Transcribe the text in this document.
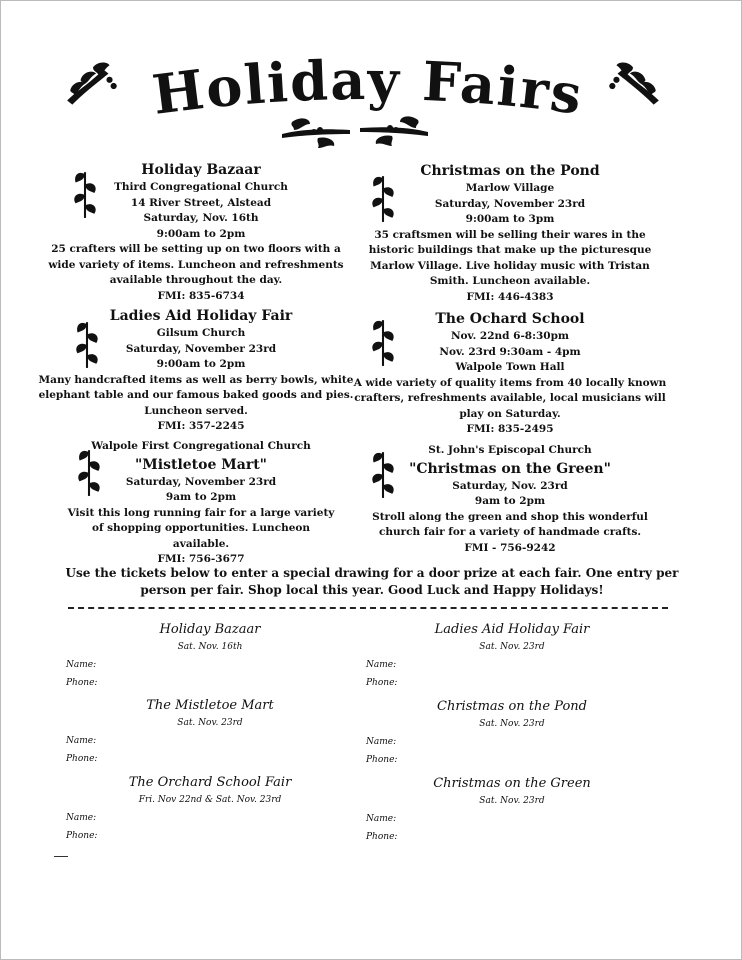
Holiday Fairs
Holiday Bazaar
Third Congregational Church
14 River Street, Alstead
Saturday, Nov. 16th
9:00am to 2pm
25 crafters will be setting up on two floors with a wide variety of items. Luncheon and refreshments available throughout the day.
FMI: 835-6734
Christmas on the Pond
Marlow Village
Saturday, November 23rd
9:00am to 3pm
35 craftsmen will be selling their wares in the historic buildings that make up the picturesque Marlow Village. Live holiday music with Tristan Smith. Luncheon available.
FMI: 446-4383
Ladies Aid Holiday Fair
Gilsum Church
Saturday, November 23rd
9:00am to 2pm
Many handcrafted items as well as berry bowls, white elephant table and our famous baked goods and pies. Luncheon served.
FMI: 357-2245
The Ochard School
Nov. 22nd 6-8:30pm
Nov. 23rd 9:30am - 4pm
Walpole Town Hall
A wide variety of quality items from 40 locally known crafters, refreshments available, local musicians will play on Saturday.
FMI: 835-2495
Walpole First Congregational Church
"Mistletoe Mart"
Saturday, November 23rd
9am to 2pm
Visit this long running fair for a large variety of shopping opportunities. Luncheon available.
FMI: 756-3677
St. John's Episcopal Church
"Christmas on the Green"
Saturday, Nov. 23rd
9am to 2pm
Stroll along the green and shop this wonderful church fair for a variety of handmade crafts.
FMI - 756-9242
Use the tickets below to enter a special drawing for a door prize at each fair. One entry per person per fair. Shop local this year. Good Luck and Happy Holidays!
Holiday Bazaar
Sat. Nov. 16th
Name:
Phone:
Ladies Aid Holiday Fair
Sat. Nov. 23rd
Name:
Phone:
The Mistletoe Mart
Sat. Nov. 23rd
Name:
Phone:
Christmas on the Pond
Sat. Nov. 23rd
Name:
Phone:
The Orchard School Fair
Fri. Nov 22nd & Sat. Nov. 23rd
Name:
Phone:
Christmas on the Green
Sat. Nov. 23rd
Name:
Phone:
